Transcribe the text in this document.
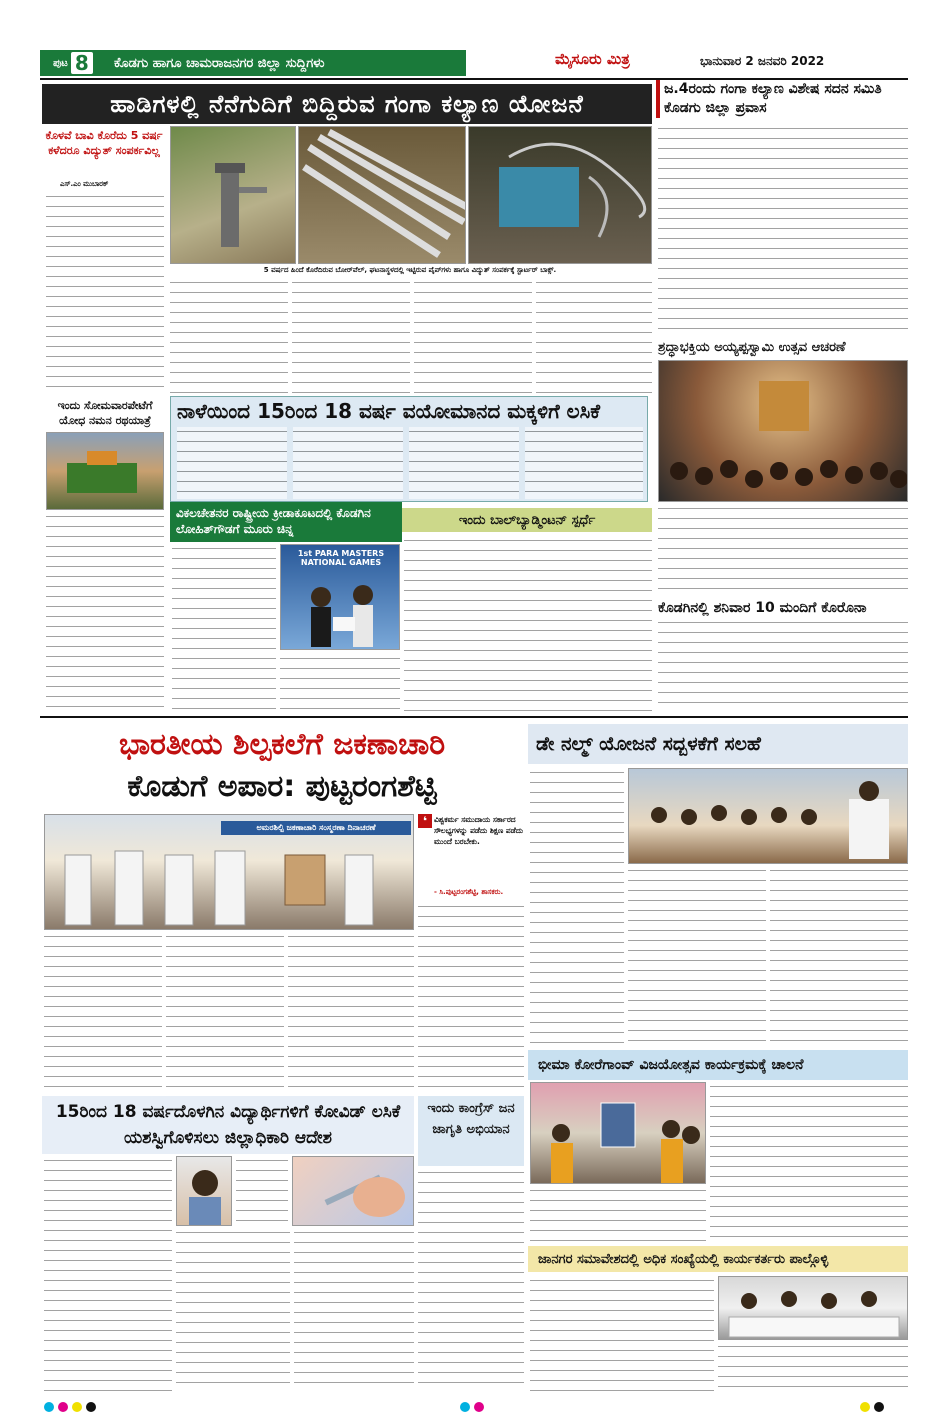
ಪುಟ 8	ಕೊಡಗು ಹಾಗೂ ಚಾಮರಾಜನಗರ ಜಿಲ್ಲಾ ಸುದ್ದಿಗಳು	ಮೈಸೂರು ಮಿತ್ರ	ಭಾನುವಾರ 2 ಜನವರಿ 2022
ಹಾಡಿಗಳಲ್ಲಿ ನೆನೆಗುದಿಗೆ ಬಿದ್ದಿರುವ ಗಂಗಾ ಕಲ್ಯಾಣ ಯೋಜನೆ
ಕೊಳವೆ ಬಾವಿ ಕೊರೆದು 5 ವರ್ಷ ಕಳೆದರೂ ವಿದ್ಯುತ್ ಸಂಪರ್ಕವಿಲ್ಲ
ಎಸ್.ಎಂ ಮುಬಾರಕ್
5 ವರ್ಷದ ಹಿಂದೆ ಕೊರೆದಿರುವ ಬೋರ್‌ವೆಲ್, ಘಟನಾಸ್ಥಳದಲ್ಲಿ ಇಟ್ಟಿರುವ ಪೈಪ್‌ಗಳು ಹಾಗೂ ವಿದ್ಯುತ್ ಸಂಪರ್ಕಕ್ಕೆ ಸ್ಟಾರ್ಟರ್ ಬಾಕ್ಸ್.
ಜ.4ರಂದು ಗಂಗಾ ಕಲ್ಯಾಣ ವಿಶೇಷ ಸದನ ಸಮಿತಿ ಕೊಡಗು ಜಿಲ್ಲಾ ಪ್ರವಾಸ
ಶ್ರದ್ಧಾಭಕ್ತಿಯ ಅಯ್ಯಪ್ಪಸ್ವಾಮಿ ಉತ್ಸವ ಆಚರಣೆ
ಕೊಡಗಿನಲ್ಲಿ ಶನಿವಾರ 10 ಮಂದಿಗೆ ಕೊರೊನಾ
ಇಂದು ಸೋಮವಾರಪೇಟೆಗೆ ಯೋಧ ನಮನ ರಥಯಾತ್ರೆ	ನಾಳೆಯಿಂದ 15ರಿಂದ 18 ವರ್ಷ ವಯೋಮಾನದ ಮಕ್ಕಳಿಗೆ ಲಸಿಕೆ
ವಿಕಲಚೇತನರ ರಾಷ್ಟ್ರೀಯ ಕ್ರೀಡಾಕೂಟದಲ್ಲಿ ಕೊಡಗಿನ ಲೋಹಿತ್‌ಗೌಡಗೆ ಮೂರು ಚಿನ್ನ
1st PARA MASTERS NATIONAL GAMES
ಇಂದು ಬಾಲ್‌ಬ್ಯಾಡ್ಮಿಂಟನ್ ಸ್ಪರ್ಧೆ
ಭಾರತೀಯ ಶಿಲ್ಪಕಲೆಗೆ ಜಕಣಾಚಾರಿ
ಕೊಡುಗೆ ಅಪಾರ: ಪುಟ್ಟರಂಗಶೆಟ್ಟಿ
ಅಮರಶಿಲ್ಪಿ ಜಕಣಾಚಾರಿ ಸಂಸ್ಮರಣಾ ದಿನಾಚರಣೆ	❛ ವಿಶ್ವಕರ್ಮ ಸಮುದಾಯ ಸರ್ಕಾರದ ಸೌಲಭ್ಯಗಳನ್ನು ಪಡೆದು ಶಿಕ್ಷಣ ಪಡೆದು ಮುಂದೆ ಬರಬೇಕು.
- ಸಿ.ಪುಟ್ಟರಂಗಶೆಟ್ಟಿ, ಶಾಸಕರು.
ಡೇ ನಲ್ಮ್ ಯೋಜನೆ ಸದ್ಬಳಕೆಗೆ ಸಲಹೆ
ಭೀಮಾ ಕೋರೆಗಾಂವ್ ವಿಜಯೋತ್ಸವ ಕಾರ್ಯಕ್ರಮಕ್ಕೆ ಚಾಲನೆ
ಜಾನಗರ ಸಮಾವೇಶದಲ್ಲಿ ಅಧಿಕ ಸಂಖ್ಯೆಯಲ್ಲಿ ಕಾರ್ಯಕರ್ತರು ಪಾಲ್ಗೊಳ್ಳಿ
15ರಿಂದ 18 ವರ್ಷದೊಳಗಿನ ವಿದ್ಯಾರ್ಥಿಗಳಿಗೆ ಕೋವಿಡ್ ಲಸಿಕೆ ಯಶಸ್ವಿಗೊಳಿಸಲು ಜಿಲ್ಲಾಧಿಕಾರಿ ಆದೇಶ
ಇಂದು ಕಾಂಗ್ರೆಸ್ ಜನ ಜಾಗೃತಿ ಅಭಿಯಾನ
